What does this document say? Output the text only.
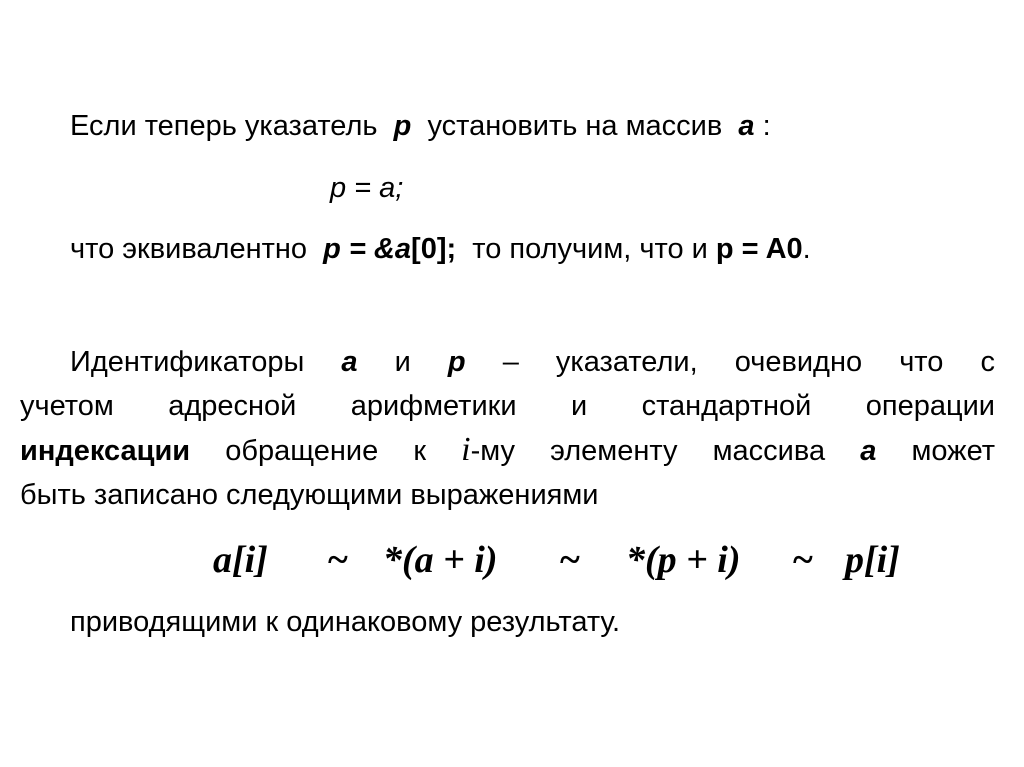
Если теперь указатель p установить на массив a :
p = a;
что эквивалентно p = &a[0]; то получим, что и p = A0.
Идентификаторы a и p – указатели, очевидно что с
учетом адресной арифметики и стандартной операции
индексации обращение к i-му элементу массива a может
быть записано следующими выражениями
a[i] ~ *(a + i) ~ *(p + i) ~ p[i]
приводящими к одинаковому результату.
